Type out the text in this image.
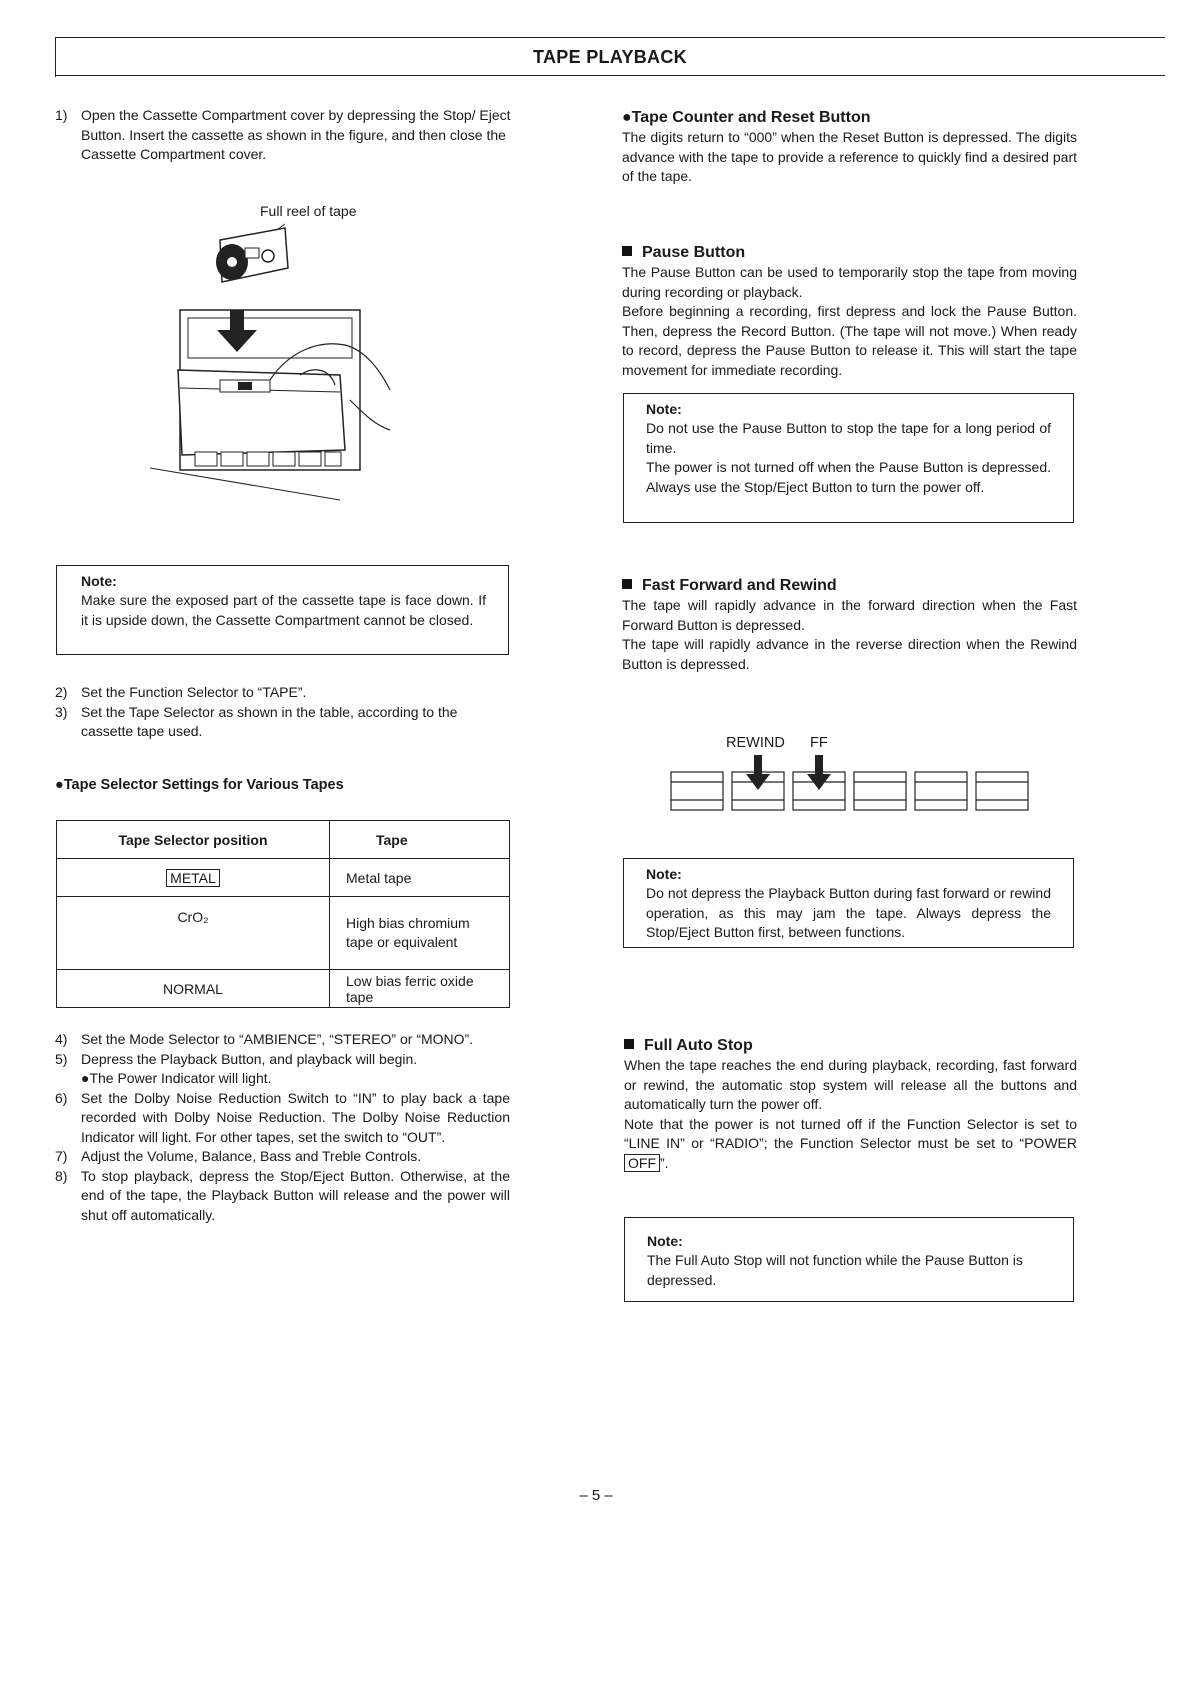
TAPE PLAYBACK
1) Open the Cassette Compartment cover by depressing the Stop/ Eject Button. Insert the cassette as shown in the figure, and then close the Cassette Compartment cover.
Full reel of tape

Note:

Make sure the exposed part of the cassette tape is face down. If it is upside down, the Cassette Compartment cannot be closed.

2) Set the Function Selector to “TAPE”.
3) Set the Tape Selector as shown in the table, according to the cassette tape used.
●Tape Selector Settings for Various Tapes
Tape Selector position	Tape
METAL	Metal tape
CrO₂	High bias chromium tape or equivalent
NORMAL	Low bias ferric oxide tape
4) Set the Mode Selector to “AMBIENCE”, “STEREO” or “MONO”.
5) Depress the Playback Button, and playback will begin.
●The Power Indicator will light.
6) Set the Dolby Noise Reduction Switch to “IN” to play back a tape recorded with Dolby Noise Reduction. The Dolby Noise Reduction Indicator will light. For other tapes, set the switch to “OUT”.
7) Adjust the Volume, Balance, Bass and Treble Controls.
8) To stop playback, depress the Stop/Eject Button. Otherwise, at the end of the tape, the Playback Button will release and the power will shut off automatically.
●Tape Counter and Reset Button

The digits return to “000” when the Reset Button is depressed. The digits advance with the tape to provide a reference to quickly find a desired part of the tape.

Pause Button

The Pause Button can be used to temporarily stop the tape from moving during recording or playback.

Before beginning a recording, first depress and lock the Pause Button. Then, depress the Record Button. (The tape will not move.) When ready to record, depress the Pause Button to release it. This will start the tape movement for immediate recording.

Note:

Do not use the Pause Button to stop the tape for a long period of time.

The power is not turned off when the Pause Button is depressed. Always use the Stop/Eject Button to turn the power off.

Fast Forward and Rewind

The tape will rapidly advance in the forward direction when the Fast Forward Button is depressed.

The tape will rapidly advance in the reverse direction when the Rewind Button is depressed.

REWIND FF

Note:

Do not depress the Playback Button during fast forward or rewind operation, as this may jam the tape. Always depress the Stop/Eject Button first, between functions.

Full Auto Stop

When the tape reaches the end during playback, recording, fast forward or rewind, the automatic stop system will release all the buttons and automatically turn the power off.

Note that the power is not turned off if the Function Selector is set to “LINE IN” or “RADIO”; the Function Selector must be set to “POWER OFF ”.

Note:

The Full Auto Stop will not function while the Pause Button is depressed.

– 5 –
